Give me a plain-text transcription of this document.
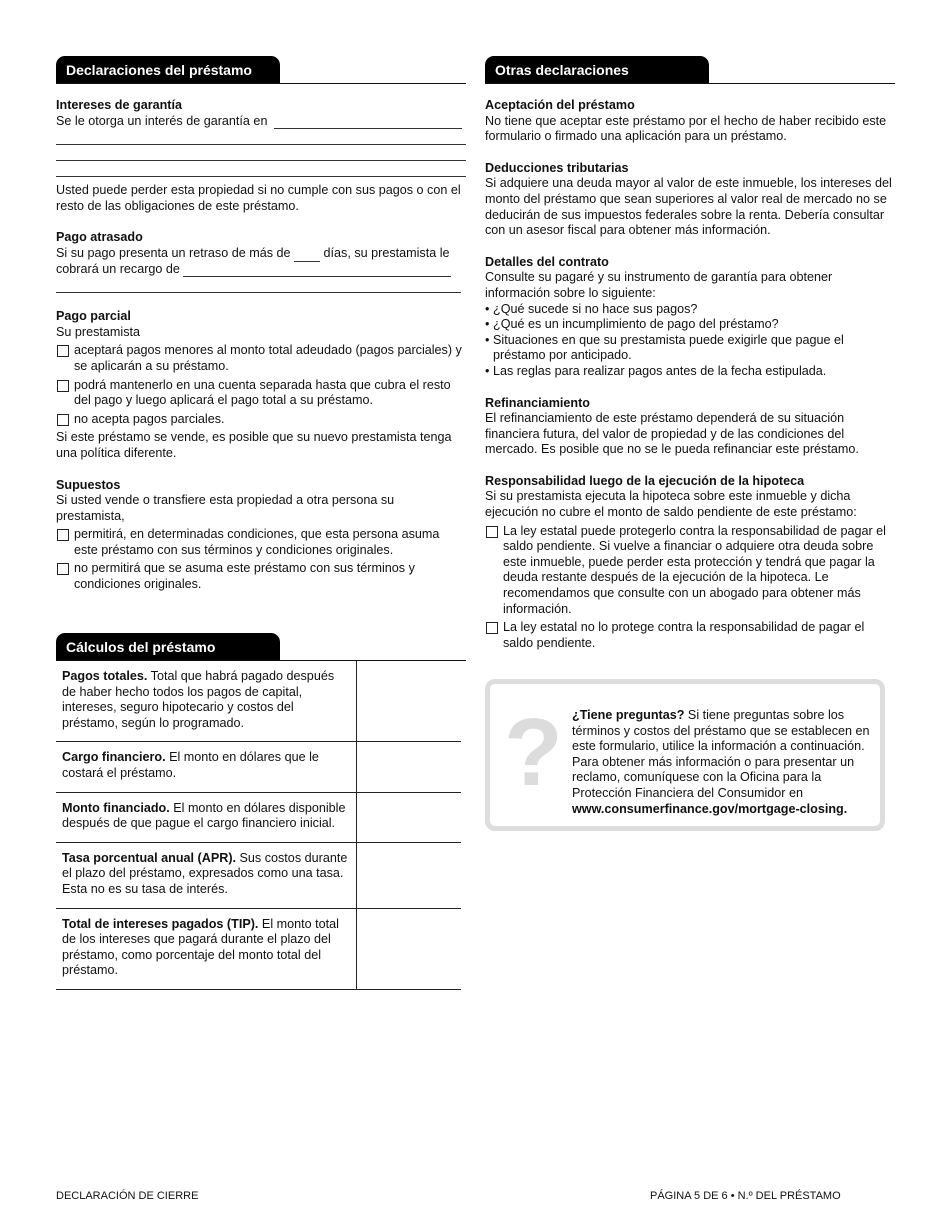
Declaraciones del préstamo
Intereses de garantía

Se le otorga un interés de garantía en

Usted puede perder esta propiedad si no cumple con sus pagos o con el resto de las obligaciones de este préstamo.

Pago atrasado

Si su pago presenta un retraso de más de	días, su prestamista le cobrará un recargo de

Pago parcial

Su prestamista

aceptará pagos menores al monto total adeudado (pagos parciales) y se aplicarán a su préstamo.
podrá mantenerlo en una cuenta separada hasta que cubra el resto del pago y luego aplicará el pago total a su préstamo.
no acepta pagos parciales.

Si este préstamo se vende, es posible que su nuevo prestamista tenga una política diferente.

Supuestos

Si usted vende o transfiere esta propiedad a otra persona su prestamista,

permitirá, en determinadas condiciones, que esta persona asuma este préstamo con sus términos y condiciones originales.
no permitirá que se asuma este préstamo con sus términos y condiciones originales.
Cálculos del préstamo
Pagos totales. Total que habrá pagado después de haber hecho todos los pagos de capital, intereses, seguro hipotecario y costos del préstamo, según lo programado.	
Cargo financiero. El monto en dólares que le costará el préstamo.	
Monto financiado. El monto en dólares disponible después de que pague el cargo financiero inicial.	
Tasa porcentual anual (APR). Sus costos durante el plazo del préstamo, expresados como una tasa. Esta no es su tasa de interés.	
Total de intereses pagados (TIP). El monto total de los intereses que pagará durante el plazo del préstamo, como porcentaje del monto total del préstamo.	
Otras declaraciones
Aceptación del préstamo

No tiene que aceptar este préstamo por el hecho de haber recibido este formulario o firmado una aplicación para un préstamo.

Deducciones tributarias

Si adquiere una deuda mayor al valor de este inmueble, los intereses del monto del préstamo que sean superiores al valor real de mercado no se deducirán de sus impuestos federales sobre la renta. Debería consultar con un asesor fiscal para obtener más información.

Detalles del contrato

Consulte su pagaré y su instrumento de garantía para obtener información sobre lo siguiente:

• ¿Qué sucede si no hace sus pagos?
• ¿Qué es un incumplimiento de pago del préstamo?
• Situaciones en que su prestamista puede exigirle que pague el préstamo por anticipado.
• Las reglas para realizar pagos antes de la fecha estipulada.
Refinanciamiento

El refinanciamiento de este préstamo dependerá de su situación financiera futura, del valor de propiedad y de las condiciones del mercado. Es posible que no se le pueda refinanciar este préstamo.

Responsabilidad luego de la ejecución de la hipoteca

Si su prestamista ejecuta la hipoteca sobre este inmueble y dicha ejecución no cubre el monto de saldo pendiente de este préstamo:

La ley estatal puede protegerlo contra la responsabilidad de pagar el saldo pendiente. Si vuelve a financiar o adquiere otra deuda sobre este inmueble, puede perder esta protección y tendrá que pagar la deuda restante después de la ejecución de la hipoteca. Le recomendamos que consulte con un abogado para obtener más información.
La ley estatal no lo protege contra la responsabilidad de pagar el saldo pendiente.
? ¿Tiene preguntas? Si tiene preguntas sobre los términos y costos del préstamo que se establecen en este formulario, utilice la información a continuación. Para obtener más información o para presentar un reclamo, comuníquese con la Oficina para la Protección Financiera del Consumidor en www.consumerfinance.gov/mortgage-closing.
DECLARACIÓN DE CIERRE	PÁGINA 5 DE 6 • N.º DEL PRÉSTAMO
